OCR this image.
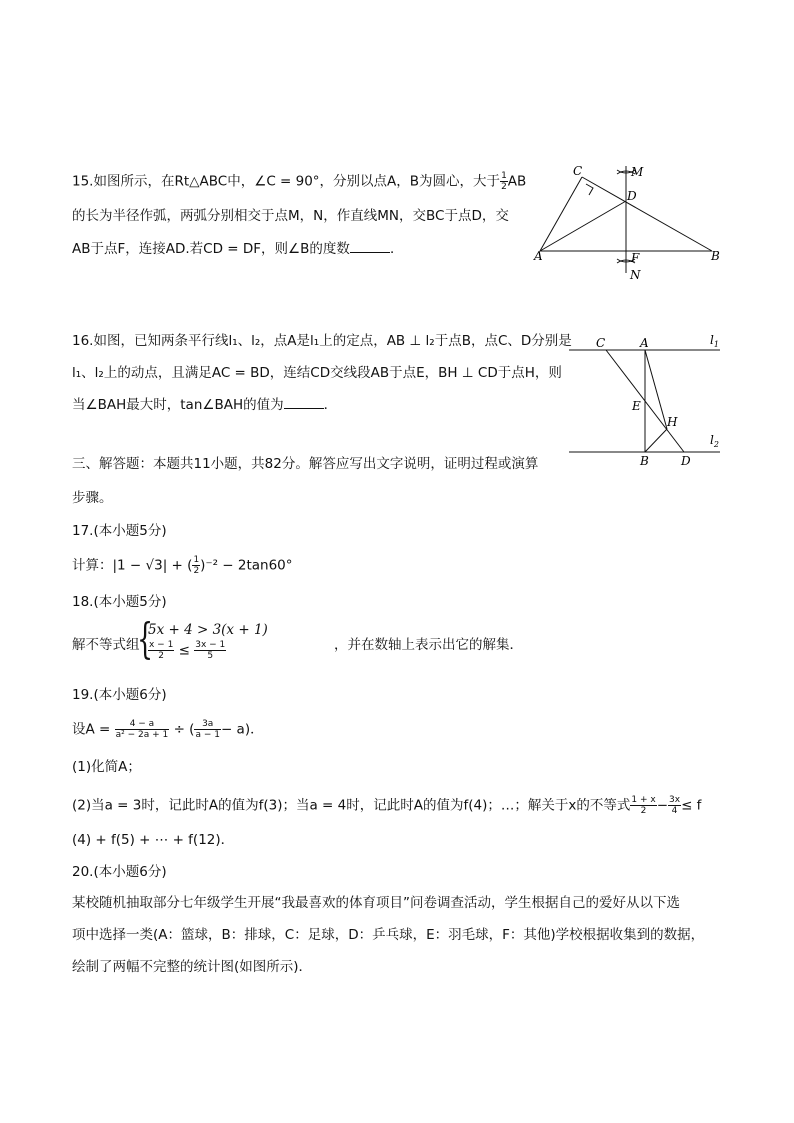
15.如图所示，在Rt△ABC中，∠C = 90°，分别以点A，B为圆心，大于 $\frac{1}{2}$ AB
的长为半径作弧，两弧分别相交于点M，N，作直线MN，交BC于点D，交
AB于点F，连接AD.若CD = DF，则∠B的度数	．
C	M
D
A	F
N
B
16.如图，已知两条平行线l₁、l₂，点A是l₁上的定点，AB ⊥ l₂于点B，点C、D分别是
l₁、l₂上的动点，且满足AC = BD，连结CD交线段AB于点E，BH ⊥ CD于点H，则
当∠BAH最大时，tan∠BAH的值为	．
C	A	$l_1$
E
H
$l_2$
B	D
三、解答题：本题共11小题，共82分。解答应写出文字说明，证明过程或演算
步骤。
17.(本小题5分)
计算：|1 − √3| + ( $\frac{1}{2} )^{-2} - 2\tan 60^\circ$
18.(本小题5分)
解不等式组
{
5x + 4 > 3(x + 1)
$\frac{x - 1}{2} \le \frac{3x - 1}{5}$	，并在数轴上表示出它的解集．
19.(本小题6分)
设$A = \frac{4 - a}{\text{a² − 2a + 1}}$ ÷ ( $\frac{3a}{a - 1} - a$)．
(1)化简A；
(2)当a = 3时，记此时A的值为f(3)；当a = 4时，记此时A的值为f(4)；…；解关于x的不等式 $\frac{1 + x}{2} - \frac{3x}{4} \le f$
(4) + f(5) + ⋯ + f(12)．
20.(本小题6分)
某校随机抽取部分七年级学生开展“我最喜欢的体育项目”问卷调查活动，学生根据自己的爱好从以下选
项中选择一类(A：篮球，B：排球，C：足球，D：乒乓球，E：羽毛球，F：其他)学校根据收集到的数据，
绘制了两幅不完整的统计图(如图所示)．
